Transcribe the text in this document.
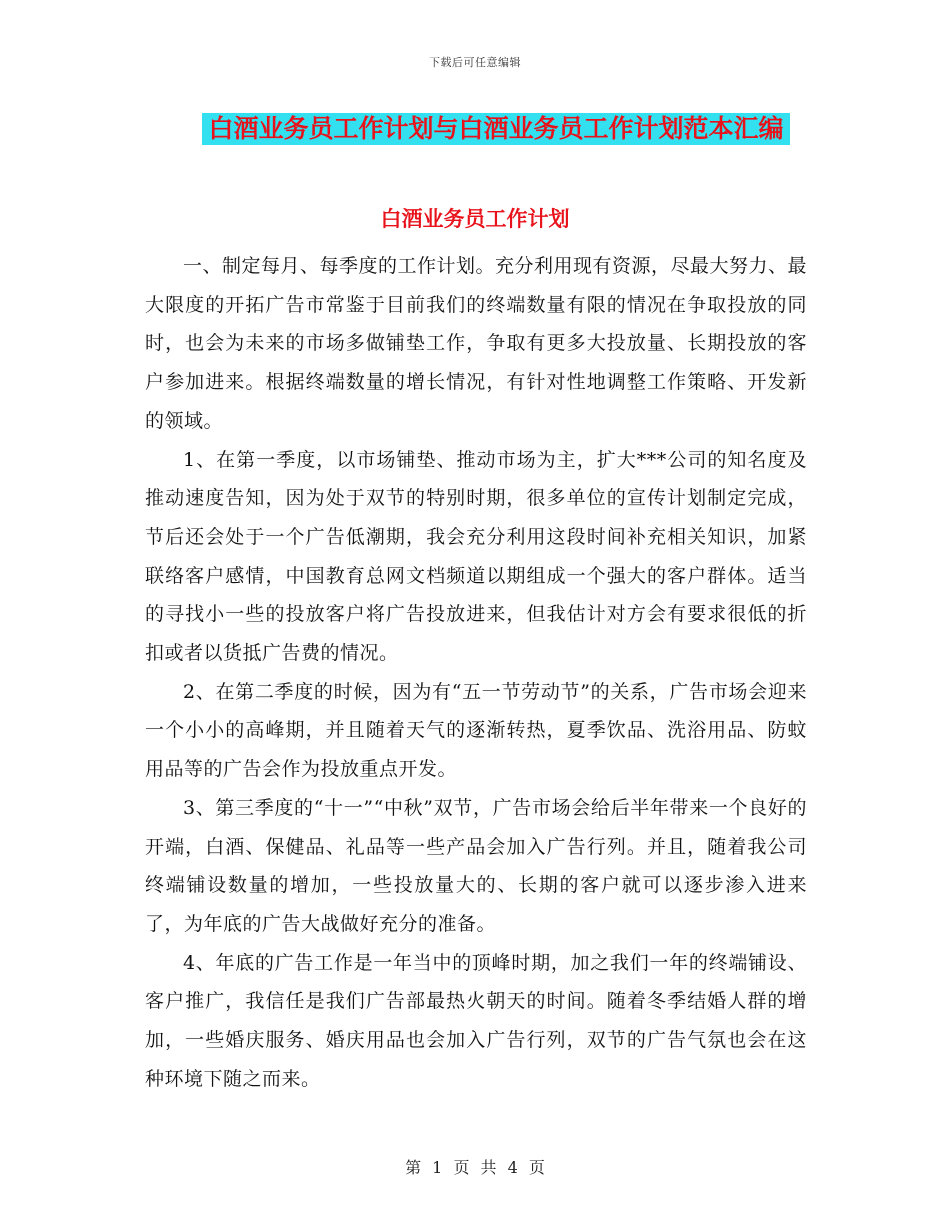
下载后可任意编辑
白酒业务员工作计划与白酒业务员工作计划范本汇编
白酒业务员工作计划

一、制定每月、每季度的工作计划。充分利用现有资源，尽最大努力、最大限度的开拓广告市常鉴于目前我们的终端数量有限的情况在争取投放的同时，也会为未来的市场多做铺垫工作，争取有更多大投放量、长期投放的客户参加进来。根据终端数量的增长情况，有针对性地调整工作策略、开发新的领域。

1、在第一季度，以市场铺垫、推动市场为主，扩大***公司的知名度及推动速度告知，因为处于双节的特别时期，很多单位的宣传计划制定完成，节后还会处于一个广告低潮期，我会充分利用这段时间补充相关知识，加紧联络客户感情，中国教育总网文档频道以期组成一个强大的客户群体。适当的寻找小一些的投放客户将广告投放进来，但我估计对方会有要求很低的折扣或者以货抵广告费的情况。

2、在第二季度的时候，因为有“五一节劳动节”的关系，广告市场会迎来一个小小的高峰期，并且随着天气的逐渐转热，夏季饮品、洗浴用品、防蚊用品等的广告会作为投放重点开发。

3、第三季度的“十一”“中秋”双节，广告市场会给后半年带来一个良好的开端，白酒、保健品、礼品等一些产品会加入广告行列。并且，随着我公司终端铺设数量的增加，一些投放量大的、长期的客户就可以逐步渗入进来了，为年底的广告大战做好充分的准备。

4、年底的广告工作是一年当中的顶峰时期，加之我们一年的终端铺设、客户推广，我信任是我们广告部最热火朝天的时间。随着冬季结婚人群的增加，一些婚庆服务、婚庆用品也会加入广告行列，双节的广告气氛也会在这种环境下随之而来。

第 1 页 共 4 页
